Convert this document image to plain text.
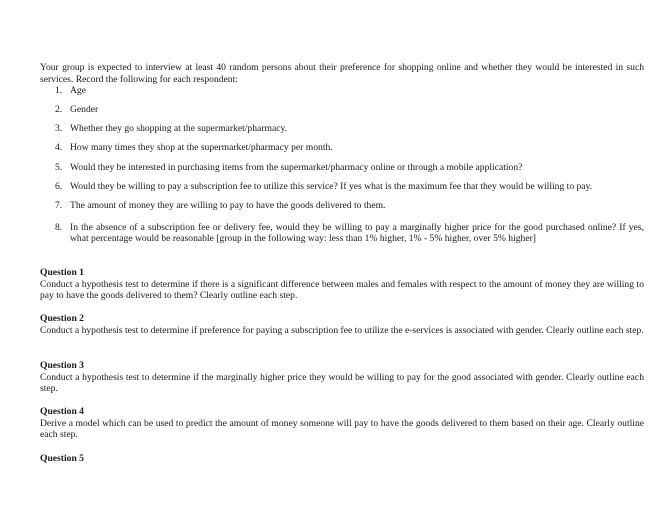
Your group is expected to interview at least 40 random persons about their preference for shopping online and whether they would be interested in such services. Record the following for each respondent:

1. Age
2. Gender
3. Whether they go shopping at the supermarket/pharmacy.
4. How many times they shop at the supermarket/pharmacy per month.
5. Would they be interested in purchasing items from the supermarket/pharmacy online or through a mobile application?
6. Would they be willing to pay a subscription fee to utilize this service? If yes what is the maximum fee that they would be willing to pay.
7. The amount of money they are willing to pay to have the goods delivered to them.
8. In the absence of a subscription fee or delivery fee, would they be willing to pay a marginally higher price for the good purchased online? If yes, what percentage would be reasonable [group in the following way: less than 1% higher, 1% - 5% higher, over 5% higher]

Question 1

Conduct a hypothesis test to determine if there is a significant difference between males and females with respect to the amount of money they are willing to pay to have the goods delivered to them? Clearly outline each step.

Question 2

Conduct a hypothesis test to determine if preference for paying a subscription fee to utilize the e-services is associated with gender. Clearly outline each step.

Question 3

Conduct a hypothesis test to determine if the marginally higher price they would be willing to pay for the good associated with gender. Clearly outline each step.

Question 4

Derive a model which can be used to predict the amount of money someone will pay to have the goods delivered to them based on their age. Clearly outline each step.

Question 5
